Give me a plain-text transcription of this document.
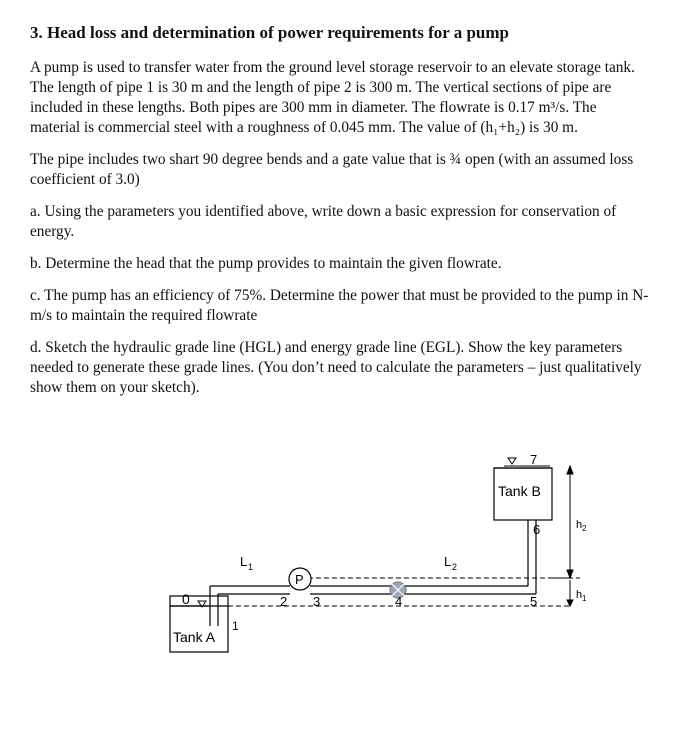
3. Head loss and determination of power requirements for a pump

A pump is used to transfer water from the ground level storage reservoir to an elevate storage tank.
The length of pipe 1 is 30 m and the length of pipe 2 is 300 m. The vertical sections of pipe are
included in these lengths. Both pipes are 300 mm in diameter. The flowrate is 0.17 m³/s. The
material is commercial steel with a roughness of 0.045 mm. The value of (h₁+h₂) is 30 m.

The pipe includes two shart 90 degree bends and a gate value that is ¾ open (with an assumed loss
coefficient of 3.0)

a. Using the parameters you identified above, write down a basic expression for conservation of
energy.

b. Determine the head that the pump provides to maintain the given flowrate.

c. The pump has an efficiency of 75%. Determine the power that must be provided to the pump in N-
m/s to maintain the required flowrate

d. Sketch the hydraulic grade line (HGL) and energy grade line (EGL). Show the key parameters
needed to generate these grade lines. (You don’t need to calculate the parameters – just qualitatively
show them on your sketch).

P
Tank A
Tank B
0
1
2 3	4	5
6
7
L 1	L 2
h 2
h 1
